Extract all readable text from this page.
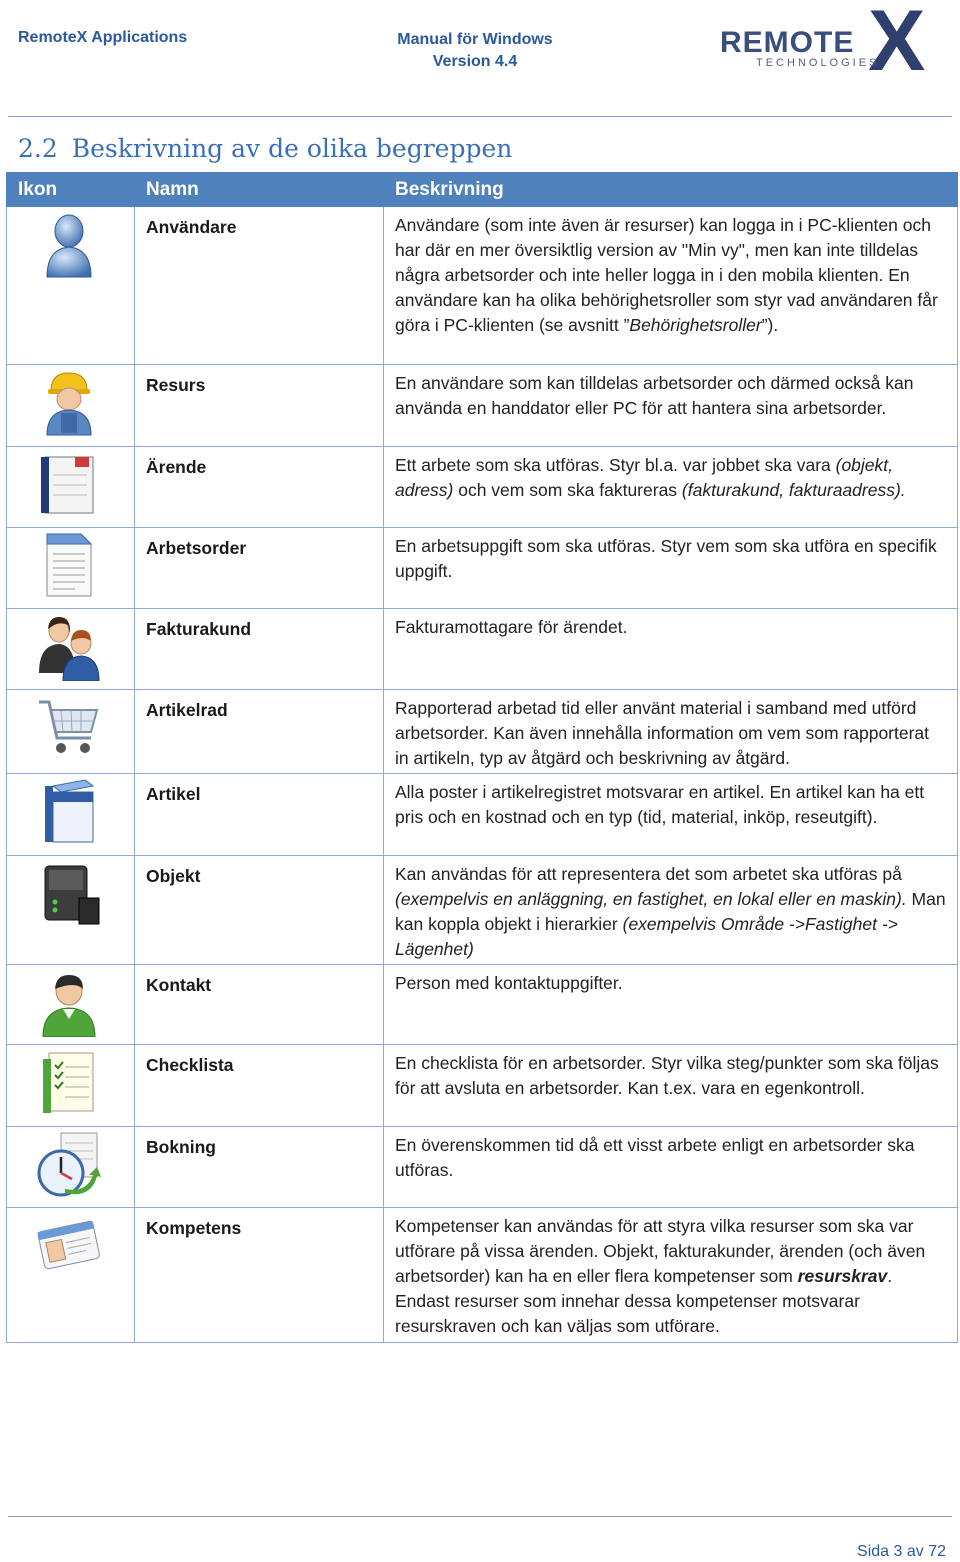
RemoteX Applications	Manual för Windows
Version 4.4
REMOTE X
TECHNOLOGIES
2.2 Beskrivning av de olika begreppen
Ikon	Namn	Beskrivning

	Användare	Användare (som inte även är resurser) kan logga in i PC-klienten och har där en mer översiktlig version av "Min vy", men kan inte tilldelas några arbetsorder och inte heller logga in i den mobila klienten. En användare kan ha olika behörighetsroller som styr vad användaren får göra i PC-klienten (se avsnitt ”Behörighetsroller”).

	Resurs	En användare som kan tilldelas arbetsorder och därmed också kan använda en handdator eller PC för att hantera sina arbetsorder.

	Ärende	Ett arbete som ska utföras. Styr bl.a. var jobbet ska vara (objekt, adress) och vem som ska faktureras (fakturakund, fakturaadress).

	Arbetsorder	En arbetsuppgift som ska utföras. Styr vem som ska utföra en specifik uppgift.

	Fakturakund	Fakturamottagare för ärendet.

	Artikelrad	Rapporterad arbetad tid eller använt material i samband med utförd arbetsorder. Kan även innehålla information om vem som rapporterat in artikeln, typ av åtgärd och beskrivning av åtgärd.

	Artikel	Alla poster i artikelregistret motsvarar en artikel. En artikel kan ha ett pris och en kostnad och en typ (tid, material, inköp, reseutgift).

	Objekt	Kan användas för att representera det som arbetet ska utföras på (exempelvis en anläggning, en fastighet, en lokal eller en maskin). Man kan koppla objekt i hierarkier (exempelvis Område ->Fastighet -> Lägenhet)

	Kontakt	Person med kontaktuppgifter.

	Checklista	En checklista för en arbetsorder. Styr vilka steg/punkter som ska följas för att avsluta en arbetsorder. Kan t.ex. vara en egenkontroll.

	Bokning	En överenskommen tid då ett visst arbete enligt en arbetsorder ska utföras.

	Kompetens	Kompetenser kan användas för att styra vilka resurser som ska var utförare på vissa ärenden. Objekt, fakturakunder, ärenden (och även arbetsorder) kan ha en eller flera kompetenser som resurskrav. Endast resurser som innehar dessa kompetenser motsvarar resurskraven och kan väljas som utförare.
Sida 3 av 72
